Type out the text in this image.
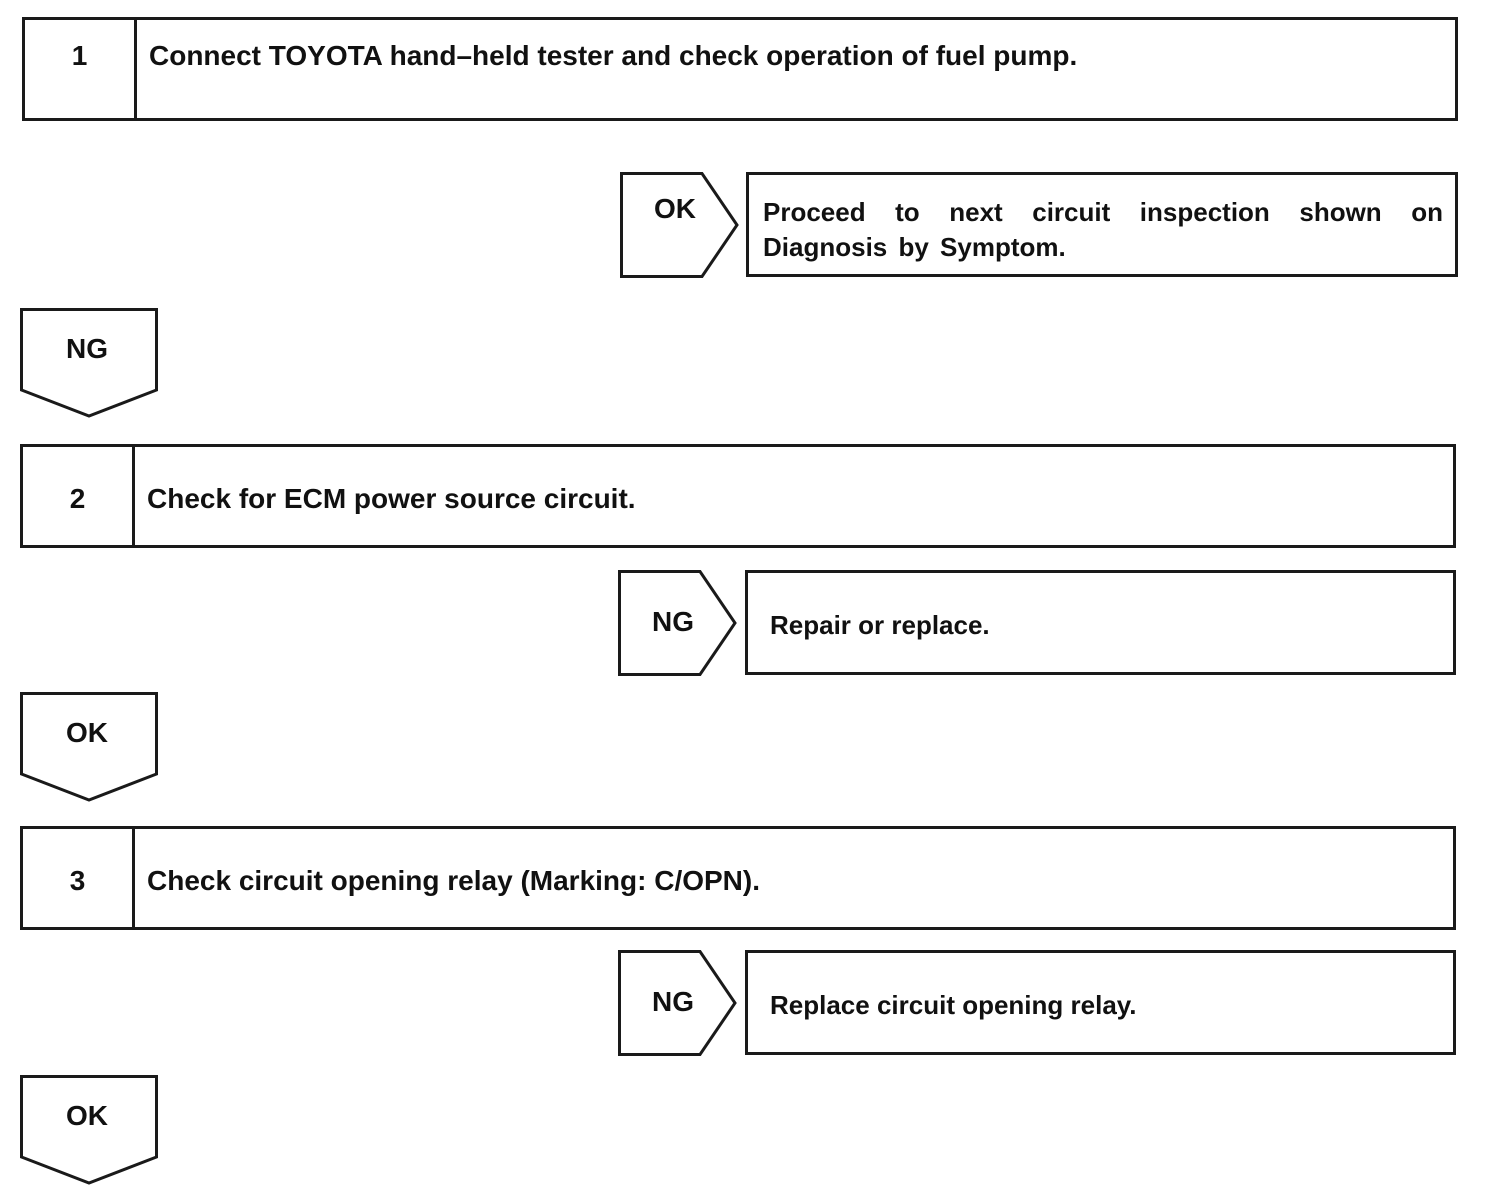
1	Connect TOYOTA hand–held tester and check operation of fuel pump.
OK	Proceed to next circuit inspection shown on Diagnosis by Symptom.
NG
2	Check for ECM power source circuit.
NG	Repair or replace.
OK
3	Check circuit opening relay (Marking: C/OPN).
NG	Replace circuit opening relay.
OK
